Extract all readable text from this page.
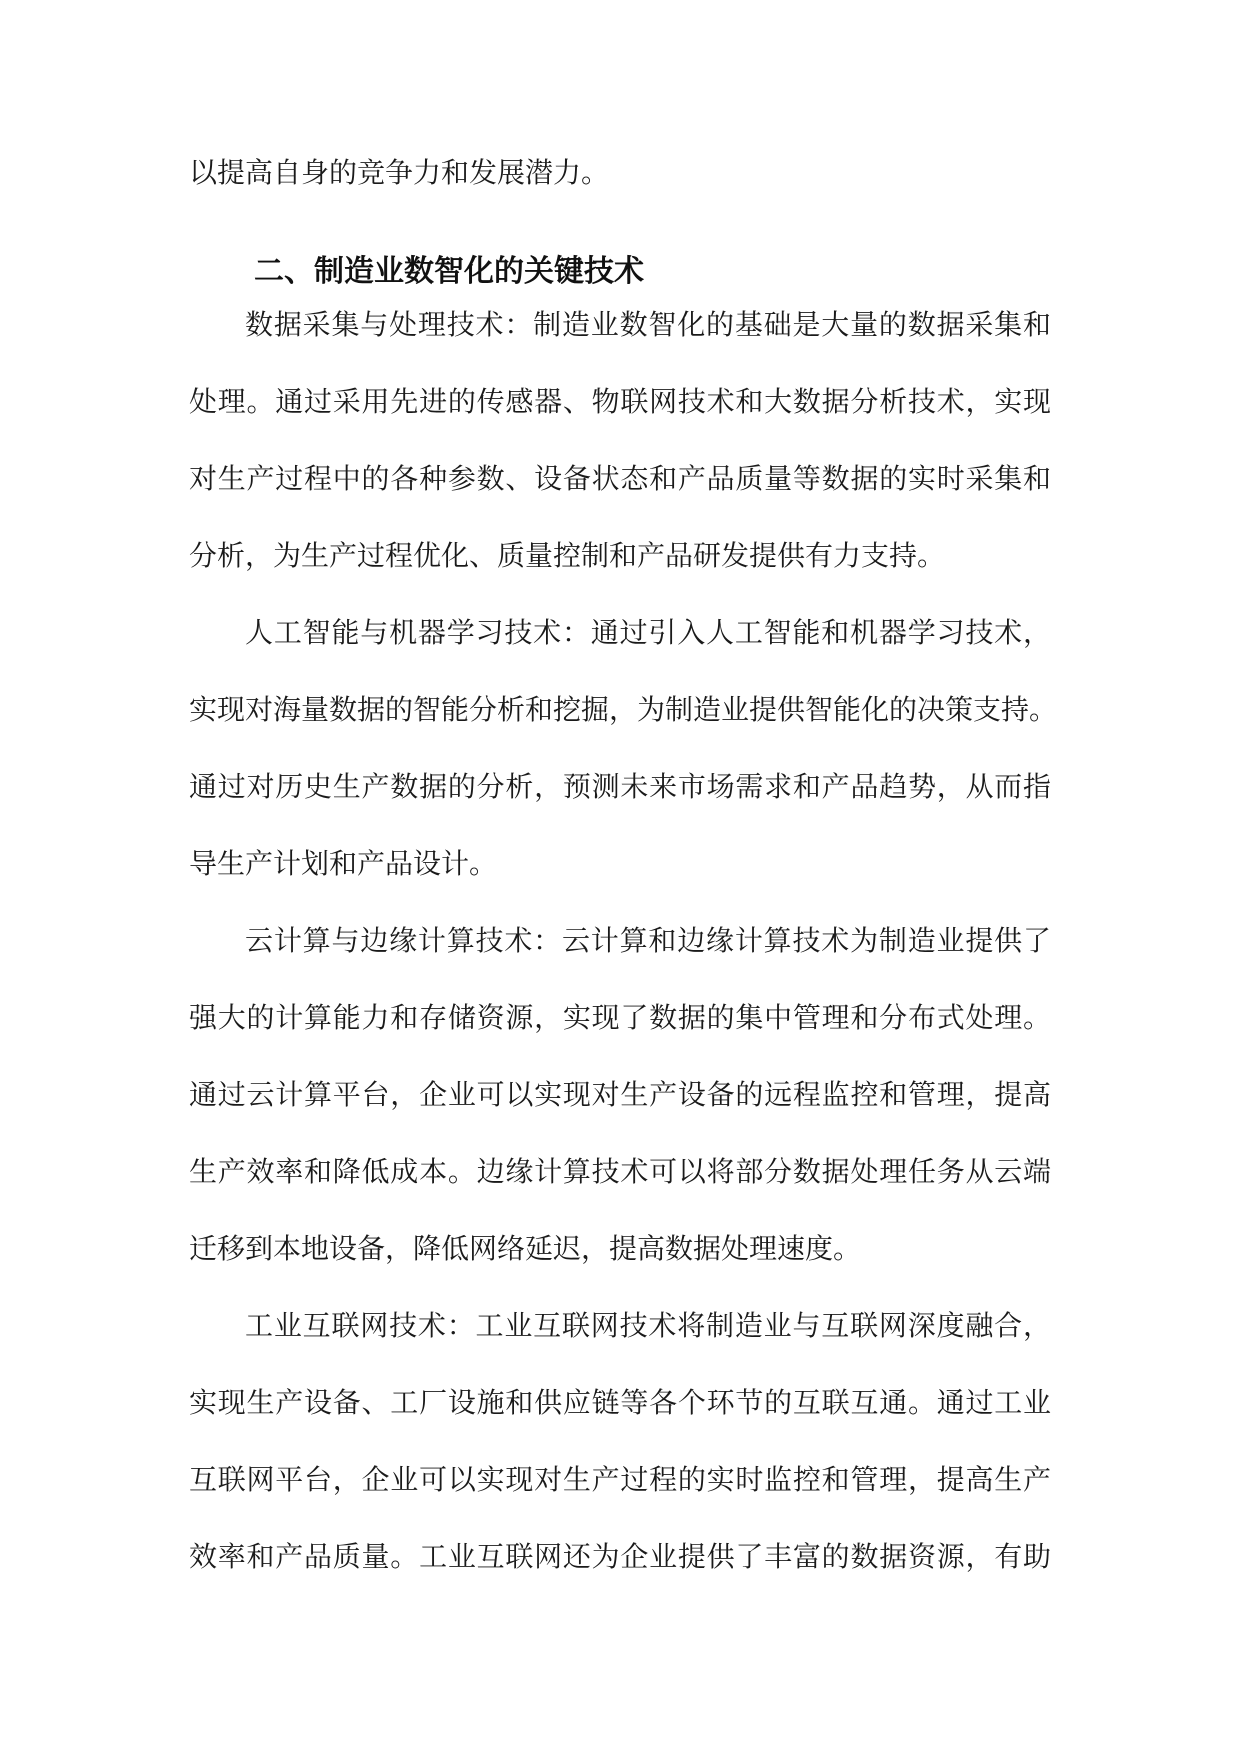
以提高自身的竞争力和发展潜力。
二、制造业数智化的关键技术
数据采集与处理技术：制造业数智化的基础是大量的数据采集和
处理。通过采用先进的传感器、物联网技术和大数据分析技术，实现
对生产过程中的各种参数、设备状态和产品质量等数据的实时采集和
分析，为生产过程优化、质量控制和产品研发提供有力支持。
人工智能与机器学习技术：通过引入人工智能和机器学习技术，
实现对海量数据的智能分析和挖掘，为制造业提供智能化的决策支持。
通过对历史生产数据的分析，预测未来市场需求和产品趋势，从而指
导生产计划和产品设计。
云计算与边缘计算技术：云计算和边缘计算技术为制造业提供了
强大的计算能力和存储资源，实现了数据的集中管理和分布式处理。
通过云计算平台，企业可以实现对生产设备的远程监控和管理，提高
生产效率和降低成本。边缘计算技术可以将部分数据处理任务从云端
迁移到本地设备，降低网络延迟，提高数据处理速度。
工业互联网技术：工业互联网技术将制造业与互联网深度融合，
实现生产设备、工厂设施和供应链等各个环节的互联互通。通过工业
互联网平台，企业可以实现对生产过程的实时监控和管理，提高生产
效率和产品质量。工业互联网还为企业提供了丰富的数据资源，有助
